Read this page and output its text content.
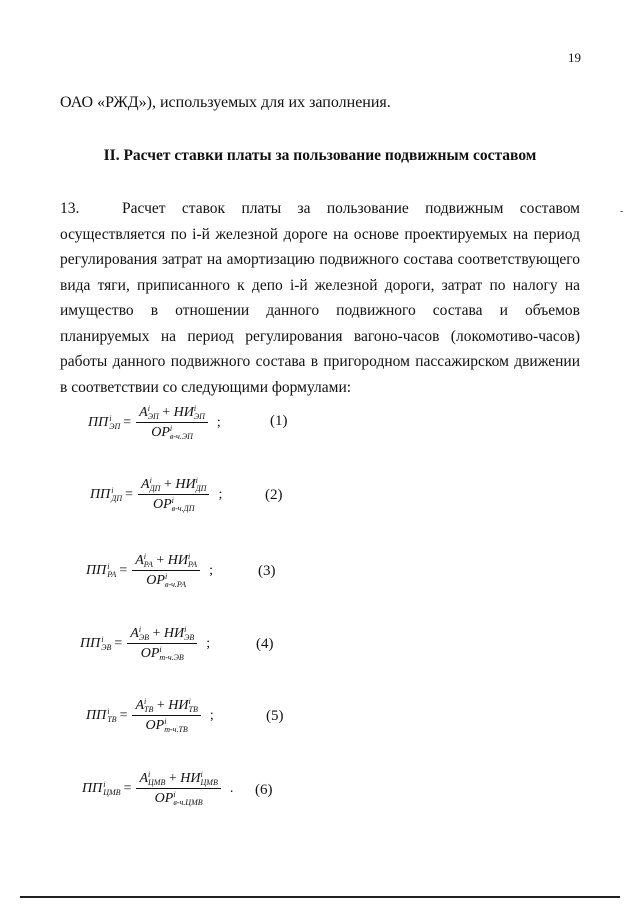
19
ОАО «РЖД»), используемых для их заполнения.
II. Расчет ставки платы за пользование подвижным составом
-
13.	Расчет ставок платы за пользование подвижным составом осуществляется по i-й железной дороге на основе проектируемых на период регулирования затрат на амортизацию подвижного состава соответствующего вида тяги, приписанного к депо i-й железной дороги, затрат по налогу на имущество в отношении данного подвижного состава и объемов планируемых на период регулирования вагоно-часов (локомотиво-часов) работы данного подвижного состава в пригородном пассажирском движении в соответствии со следующими формулами:
ПП i
ЭП = A i
ЭП + НИ i
ЭП
OP i
в-ч.ЭП ;	(1)
ПП i
ДП = A i
ДП + НИ i
ДП
OP i
в-ч.ДП ;	(2)
ПП i
РА = A i
РА + НИ i
РА
OP i
в-ч.РА ;	(3)
ПП i
ЭВ = A i
ЭВ + НИ i
ЭВ
OP i
т-ч.ЭВ ;	(4)
ПП i
ТВ = A i
ТВ + НИ i
ТВ
OP i
т-ч.ТВ ;	(5)
ПП i
ЦМВ = A i
ЦМВ + НИ i
ЦМВ
OP i
в-ч.ЦМВ . (6)
